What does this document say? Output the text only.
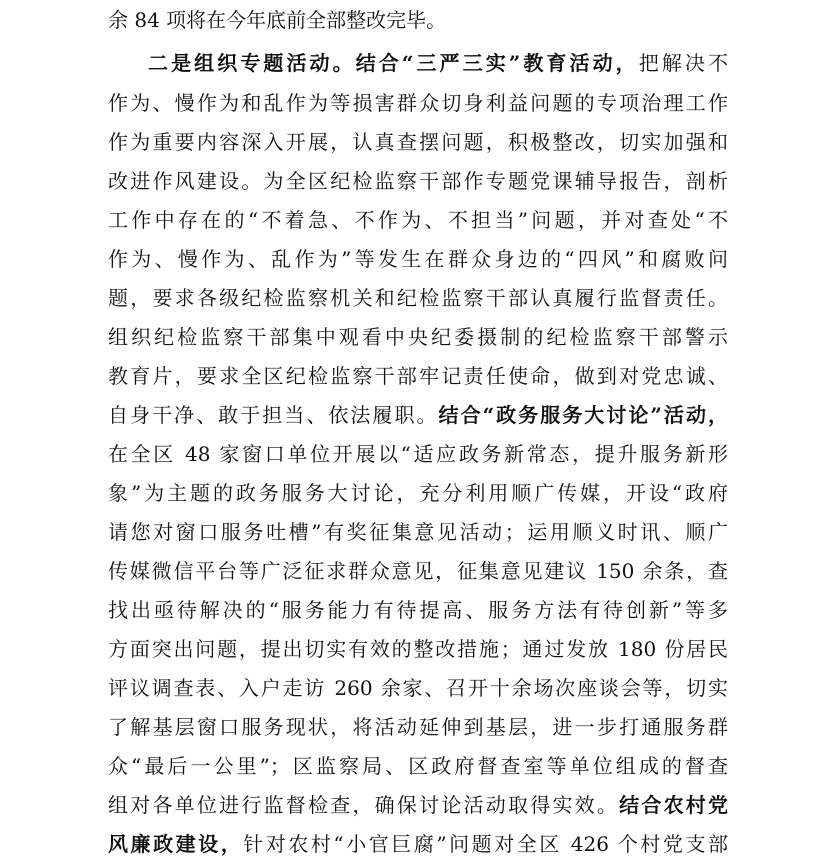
余 84 项将在今年底前全部整改完毕。
二是组织专题活动。结合“三严三实”教育活动，把解决不
作为、慢作为和乱作为等损害群众切身利益问题的专项治理工作
作为重要内容深入开展，认真查摆问题，积极整改，切实加强和
改进作风建设。为全区纪检监察干部作专题党课辅导报告，剖析
工作中存在的“不着急、不作为、不担当”问题，并对查处“不
作为、慢作为、乱作为”等发生在群众身边的“四风”和腐败问
题，要求各级纪检监察机关和纪检监察干部认真履行监督责任。
组织纪检监察干部集中观看中央纪委摄制的纪检监察干部警示
教育片，要求全区纪检监察干部牢记责任使命，做到对党忠诚、
自身干净、敢于担当、依法履职。结合“政务服务大讨论”活动，
在全区 48 家窗口单位开展以“适应政务新常态，提升服务新形
象”为主题的政务服务大讨论，充分利用顺广传媒，开设“政府
请您对窗口服务吐槽”有奖征集意见活动；运用顺义时讯、顺广
传媒微信平台等广泛征求群众意见，征集意见建议 150 余条，查
找出亟待解决的“服务能力有待提高、服务方法有待创新”等多
方面突出问题，提出切实有效的整改措施；通过发放 180 份居民
评议调查表、入户走访 260 余家、召开十余场次座谈会等，切实
了解基层窗口服务现状，将活动延伸到基层，进一步打通服务群
众“最后一公里”；区监察局、区政府督查室等单位组成的督查
组对各单位进行监督检查，确保讨论活动取得实效。结合农村党
风廉政建设，针对农村“小官巨腐”问题对全区 426 个村党支部
